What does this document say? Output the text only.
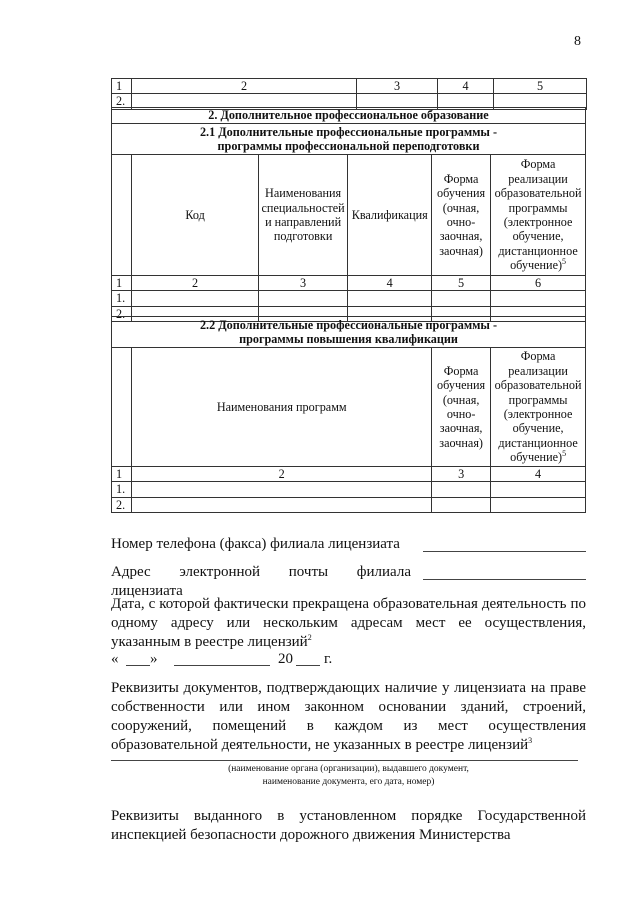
8
1	2	3	4	5
2.				
2. Дополнительное профессиональное образование					

2.1 Дополнительные профессиональные программы -
программы профессиональной переподготовки					

	Код	Наименования специальностей и направлений подготовки	Квалификация	Форма обучения (очная, очно-заочная, заочная)	Форма реализации образовательной программы (электронное обучение, дистанционное обучение)$^5$
1	2	3	4	5	6
1.					
2.					
2.2 Дополнительные профессиональные программы -
программы повышения квалификации			

	Наименования программ	Форма обучения (очная, очно-заочная, заочная)	Форма реализации образовательной программы (электронное обучение, дистанционное обучение)$^5$
1	2	3	4
1.			
2.			
Номер телефона (факса) филиала лицензиата
Адрес электронной почты филиала лицензиата
Дата, с которой фактически прекращена образовательная деятельность по одному адресу или нескольким адресам мест ее осуществления, указанным в реестре лицензий$^2$
«	»	20	г.
Реквизиты документов, подтверждающих наличие у лицензиата на праве собственности или ином законном основании зданий, строений, сооружений, помещений в каждом из мест осуществления образовательной деятельности, не указанных в реестре лицензий$^3$
(наименование органа (организации), выдавшего документ,
наименование документа, его дата, номер)
Реквизиты выданного в установленном порядке Государственной инспекцией безопасности дорожного движения Министерства
